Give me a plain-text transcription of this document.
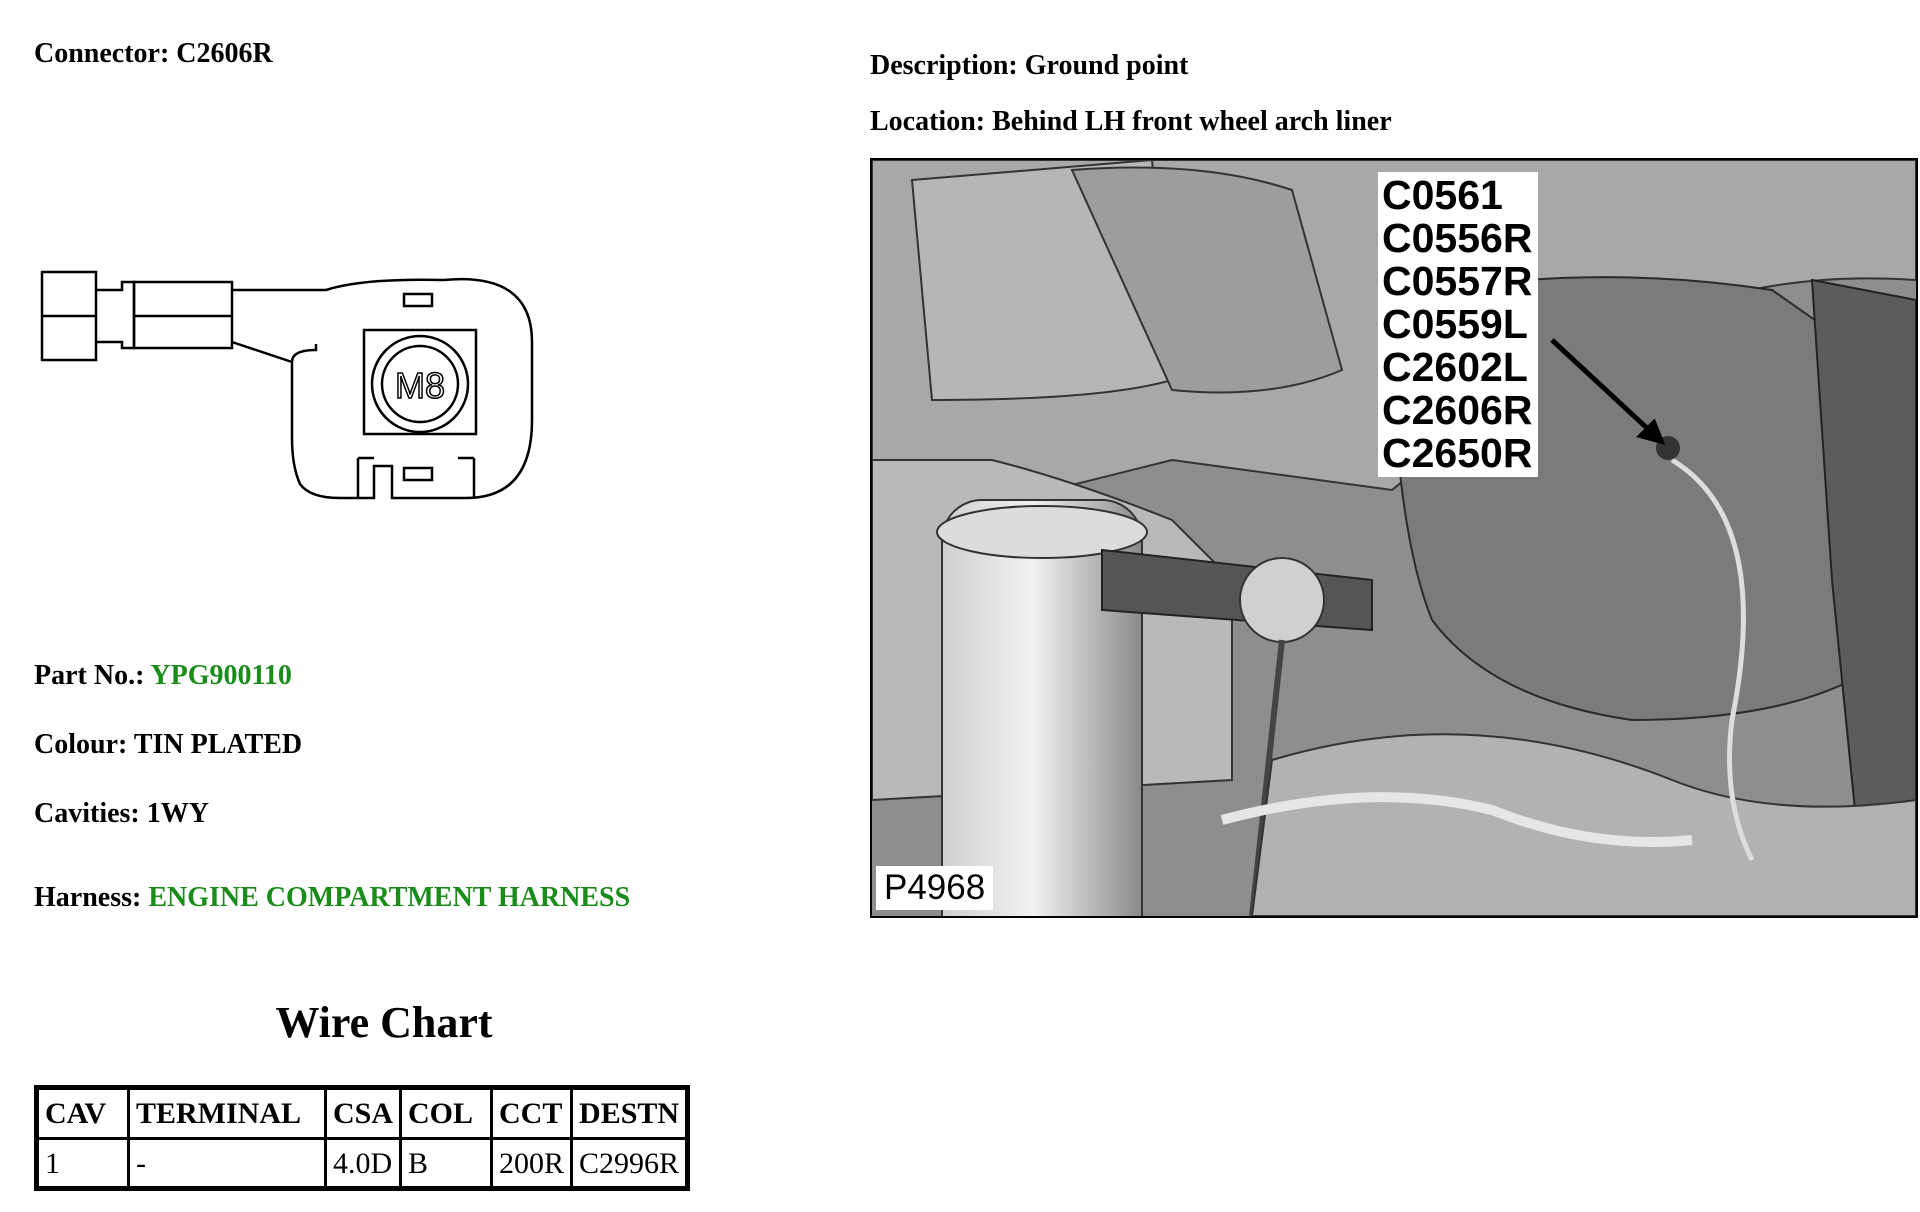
Connector: C2606R	Description: Ground point
Location: Behind LH front wheel arch liner
M8
Part No.: YPG900110
Colour: TIN PLATED
Cavities: 1WY
Harness: ENGINE COMPARTMENT HARNESS
Wire Chart
CAV	TERMINAL	CSA	COL	CCT	DESTN
1	-	4.0D	B	200R	C2996R
C0561
C0556R
C0557R
C0559L
C2602L
C2606R
C2650R
P4968
